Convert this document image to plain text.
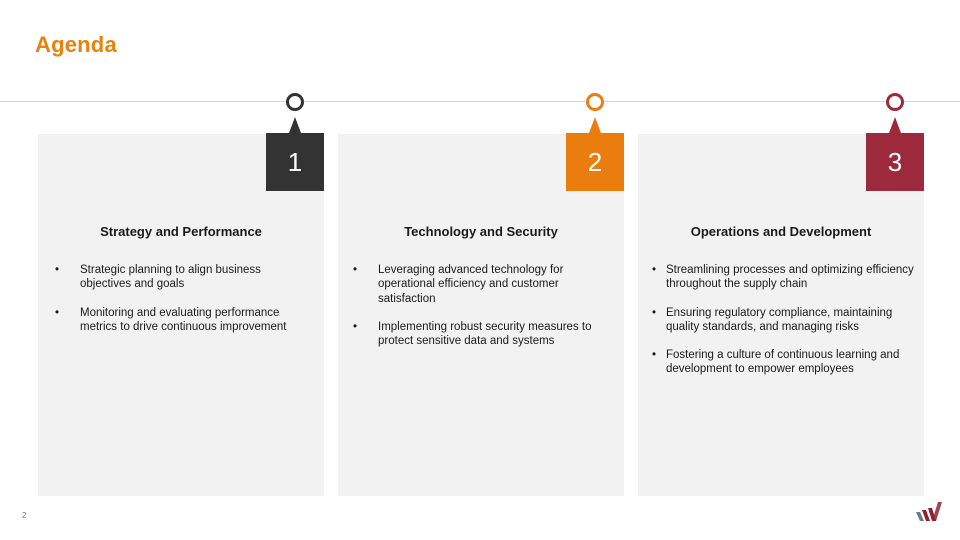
Agenda
Strategy and Performance
• Strategic planning to align business objectives and goals
• Monitoring and evaluating performance metrics to drive continuous improvement
1
Technology and Security
• Leveraging advanced technology for operational efficiency and customer satisfaction
• Implementing robust security measures to protect sensitive data and systems
2
Operations and Development
• Streamlining processes and optimizing efficiency throughout the supply chain
• Ensuring regulatory compliance, maintaining quality standards, and managing risks
• Fostering a culture of continuous learning and development to empower employees
3
2
